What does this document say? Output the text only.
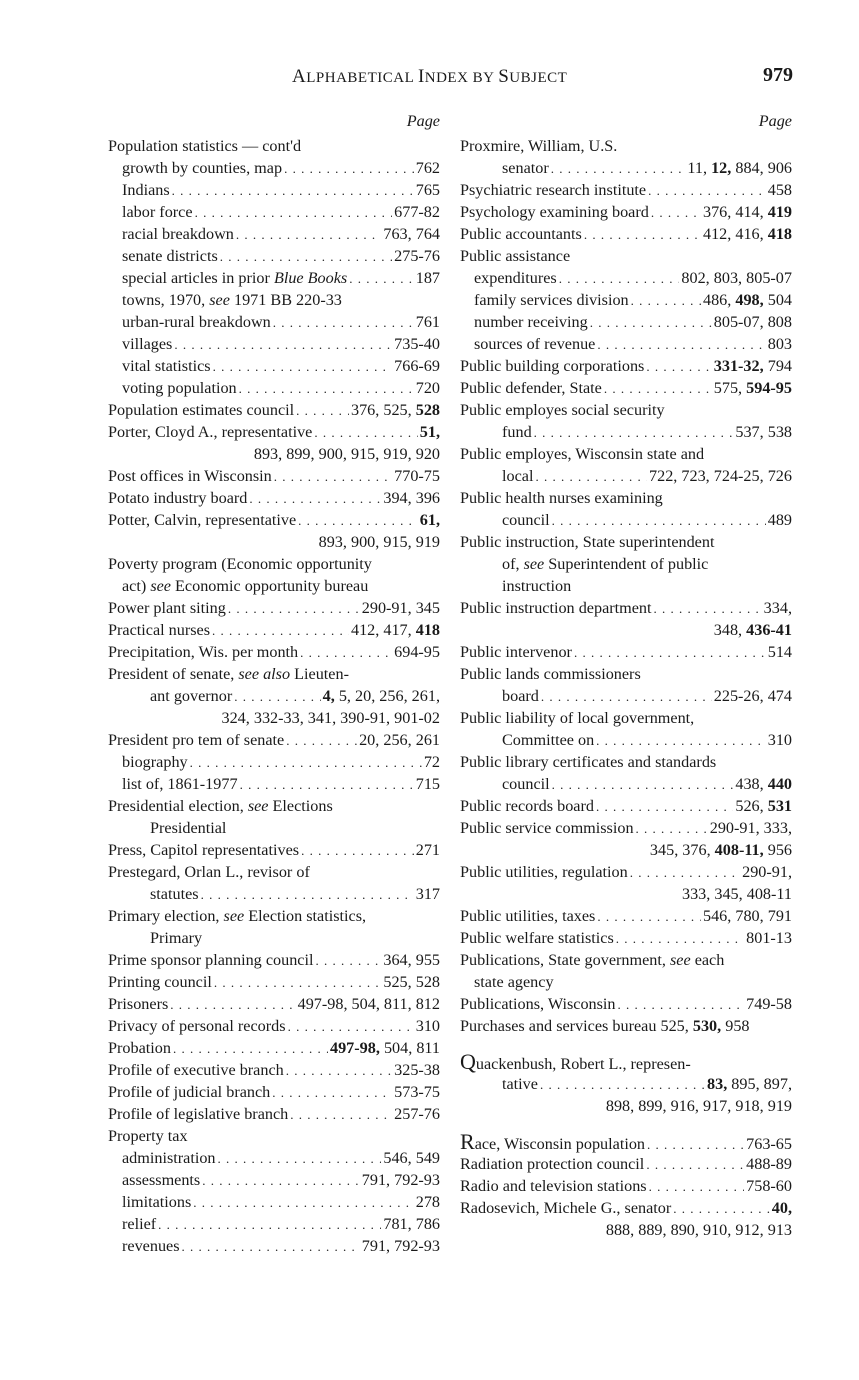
ALPHABETICAL INDEX BY SUBJECT	979
Page
Population statistics — cont'd
growth by counties, map . . .	762
Indians . . .	765
labor force . . .	677-82
racial breakdown . . .	763, 764
senate districts . . .	275-76
special articles in prior Blue Books . . .	187
towns, 1970, see 1971 BB 220-33
urban-rural breakdown . . .	761
villages . . .	735-40
vital statistics . . .	766-69
voting population . . .	720
Population estimates council . . .	376, 525, 528
Porter, Cloyd A., representative . . .	51,
893, 899, 900, 915, 919, 920
Post offices in Wisconsin . . .	770-75
Potato industry board . . .	394, 396
Potter, Calvin, representative . . .	61,
893, 900, 915, 919
Poverty program (Economic opportunity
act) see Economic opportunity bureau
Power plant siting . . .	290-91, 345
Practical nurses . . .	412, 417, 418
Precipitation, Wis. per month . . .	694-95
President of senate, see also Lieuten-
ant governor . . .	4, 5, 20, 256, 261,
324, 332-33, 341, 390-91, 901-02
President pro tem of senate . . .	20, 256, 261
biography . . .	72
list of, 1861-1977 . . .	715
Presidential election, see Elections
Presidential
Press, Capitol representatives . . .	271
Prestegard, Orlan L., revisor of
statutes . . .	317
Primary election, see Election statistics,
Primary
Prime sponsor planning council . . .	364, 955
Printing council . . .	525, 528
Prisoners . . .	497-98, 504, 811, 812
Privacy of personal records . . .	310
Probation . . .	497-98, 504, 811
Profile of executive branch . . .	325-38
Profile of judicial branch . . .	573-75
Profile of legislative branch . . .	257-76
Property tax
administration . . .	546, 549
assessments . . .	791, 792-93
limitations . . .	278
relief . . .	781, 786
revenues . . .	791, 792-93
Page
Proxmire, William, U.S.
senator . . .	11, 12, 884, 906
Psychiatric research institute . . .	458
Psychology examining board . . .	376, 414, 419
Public accountants . . .	412, 416, 418
Public assistance
expenditures . . .	802, 803, 805-07
family services division . . .	486, 498, 504
number receiving . . .	805-07, 808
sources of revenue . . .	803
Public building corporations . . .	331-32, 794
Public defender, State . . .	575, 594-95
Public employes social security
fund . . .	537, 538
Public employes, Wisconsin state and
local . . .	722, 723, 724-25, 726
Public health nurses examining
council . . .	489
Public instruction, State superintendent
of, see Superintendent of public
instruction
Public instruction department . . .	334,
348, 436-41
Public intervenor . . .	514
Public lands commissioners
board . . .	225-26, 474
Public liability of local government,
Committee on . . .	310
Public library certificates and standards
council . . .	438, 440
Public records board . . .	526, 531
Public service commission . . .	290-91, 333,
345, 376, 408-11, 956
Public utilities, regulation . . .	290-91,
333, 345, 408-11
Public utilities, taxes . . .	546, 780, 791
Public welfare statistics . . .	801-13
Publications, State government, see each
state agency
Publications, Wisconsin . . .	749-58
Purchases and services bureau 525, 530, 958
Quackenbush, Robert L., represen-
tative . . .	83, 895, 897,
898, 899, 916, 917, 918, 919
Race, Wisconsin population . . .	763-65
Radiation protection council . . .	488-89
Radio and television stations . . .	758-60
Radosevich, Michele G., senator . . .	40,
888, 889, 890, 910, 912, 913
